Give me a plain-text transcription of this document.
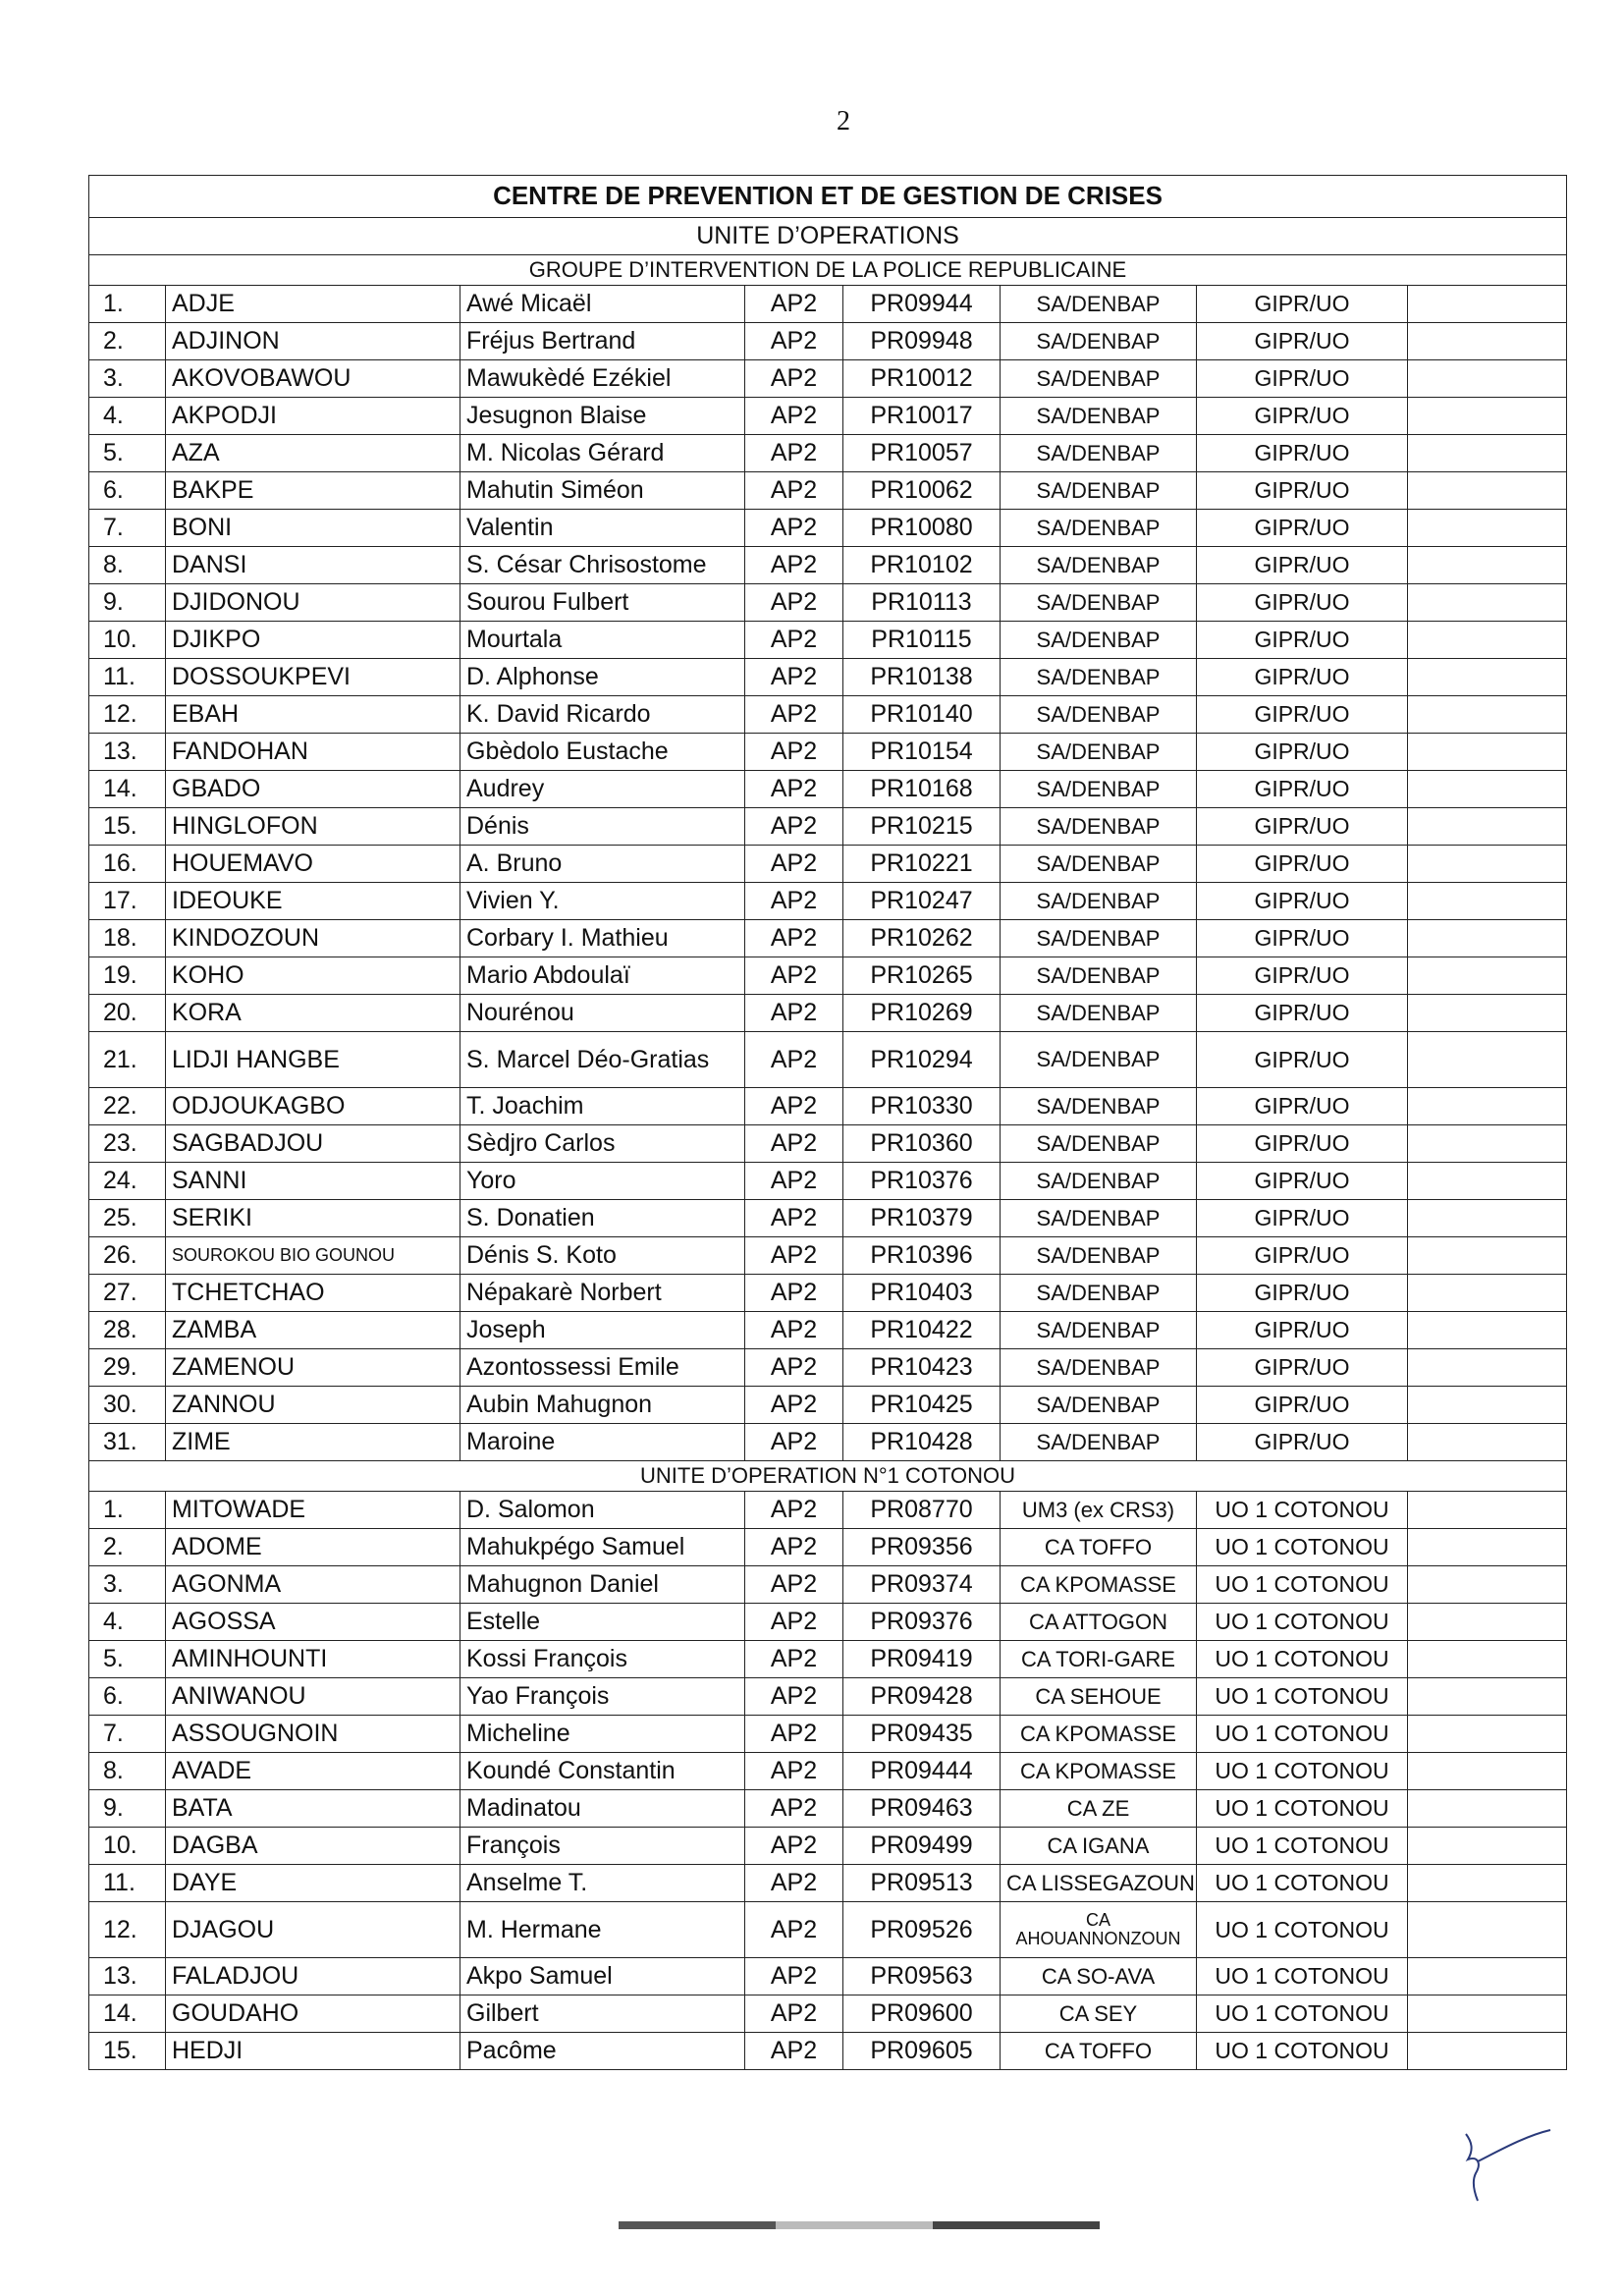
2
CENTRE DE PREVENTION ET DE GESTION DE CRISES							
UNITE D’OPERATIONS							
GROUPE D’INTERVENTION DE LA POLICE REPUBLICAINE							
1.	ADJE	Awé Micaël	AP2	PR09944	SA/DENBAP	GIPR/UO	
2.	ADJINON	Fréjus Bertrand	AP2	PR09948	SA/DENBAP	GIPR/UO	
3.	AKOVOBAWOU	Mawukèdé Ezékiel	AP2	PR10012	SA/DENBAP	GIPR/UO	
4.	AKPODJI	Jesugnon Blaise	AP2	PR10017	SA/DENBAP	GIPR/UO	
5.	AZA	M. Nicolas Gérard	AP2	PR10057	SA/DENBAP	GIPR/UO	
6.	BAKPE	Mahutin Siméon	AP2	PR10062	SA/DENBAP	GIPR/UO	
7.	BONI	Valentin	AP2	PR10080	SA/DENBAP	GIPR/UO	
8.	DANSI	S. César Chrisostome	AP2	PR10102	SA/DENBAP	GIPR/UO	
9.	DJIDONOU	Sourou Fulbert	AP2	PR10113	SA/DENBAP	GIPR/UO	
10.	DJIKPO	Mourtala	AP2	PR10115	SA/DENBAP	GIPR/UO	
11.	DOSSOUKPEVI	D. Alphonse	AP2	PR10138	SA/DENBAP	GIPR/UO	
12.	EBAH	K. David Ricardo	AP2	PR10140	SA/DENBAP	GIPR/UO	
13.	FANDOHAN	Gbèdolo Eustache	AP2	PR10154	SA/DENBAP	GIPR/UO	
14.	GBADO	Audrey	AP2	PR10168	SA/DENBAP	GIPR/UO	
15.	HINGLOFON	Dénis	AP2	PR10215	SA/DENBAP	GIPR/UO	
16.	HOUEMAVO	A. Bruno	AP2	PR10221	SA/DENBAP	GIPR/UO	
17.	IDEOUKE	Vivien Y.	AP2	PR10247	SA/DENBAP	GIPR/UO	
18.	KINDOZOUN	Corbary I. Mathieu	AP2	PR10262	SA/DENBAP	GIPR/UO	
19.	KOHO	Mario Abdoulaï	AP2	PR10265	SA/DENBAP	GIPR/UO	
20.	KORA	Nourénou	AP2	PR10269	SA/DENBAP	GIPR/UO	
21.	LIDJI HANGBE	S. Marcel Déo-Gratias	AP2	PR10294	SA/DENBAP	GIPR/UO	
22.	ODJOUKAGBO	T. Joachim	AP2	PR10330	SA/DENBAP	GIPR/UO	
23.	SAGBADJOU	Sèdjro Carlos	AP2	PR10360	SA/DENBAP	GIPR/UO	
24.	SANNI	Yoro	AP2	PR10376	SA/DENBAP	GIPR/UO	
25.	SERIKI	S. Donatien	AP2	PR10379	SA/DENBAP	GIPR/UO	
26.	SOUROKOU BIO GOUNOU	Dénis S. Koto	AP2	PR10396	SA/DENBAP	GIPR/UO	
27.	TCHETCHAO	Népakarè Norbert	AP2	PR10403	SA/DENBAP	GIPR/UO	
28.	ZAMBA	Joseph	AP2	PR10422	SA/DENBAP	GIPR/UO	
29.	ZAMENOU	Azontossessi Emile	AP2	PR10423	SA/DENBAP	GIPR/UO	
30.	ZANNOU	Aubin Mahugnon	AP2	PR10425	SA/DENBAP	GIPR/UO	
31.	ZIME	Maroine	AP2	PR10428	SA/DENBAP	GIPR/UO	
UNITE D’OPERATION N°1 COTONOU							
1.	MITOWADE	D. Salomon	AP2	PR08770	UM3 (ex CRS3)	UO 1 COTONOU	
2.	ADOME	Mahukpégo Samuel	AP2	PR09356	CA TOFFO	UO 1 COTONOU	
3.	AGONMA	Mahugnon Daniel	AP2	PR09374	CA KPOMASSE	UO 1 COTONOU	
4.	AGOSSA	Estelle	AP2	PR09376	CA ATTOGON	UO 1 COTONOU	
5.	AMINHOUNTI	Kossi François	AP2	PR09419	CA TORI-GARE	UO 1 COTONOU	
6.	ANIWANOU	Yao François	AP2	PR09428	CA SEHOUE	UO 1 COTONOU	
7.	ASSOUGNOIN	Micheline	AP2	PR09435	CA KPOMASSE	UO 1 COTONOU	
8.	AVADE	Koundé Constantin	AP2	PR09444	CA KPOMASSE	UO 1 COTONOU	
9.	BATA	Madinatou	AP2	PR09463	CA ZE	UO 1 COTONOU	
10.	DAGBA	François	AP2	PR09499	CA IGANA	UO 1 COTONOU	
11.	DAYE	Anselme T.	AP2	PR09513	CA LISSEGAZOUN	UO 1 COTONOU	
12.	DJAGOU	M. Hermane	AP2	PR09526	CA AHOUANNONZOUN	UO 1 COTONOU	
13.	FALADJOU	Akpo Samuel	AP2	PR09563	CA SO-AVA	UO 1 COTONOU	
14.	GOUDAHO	Gilbert	AP2	PR09600	CA SEY	UO 1 COTONOU	
15.	HEDJI	Pacôme	AP2	PR09605	CA TOFFO	UO 1 COTONOU	
